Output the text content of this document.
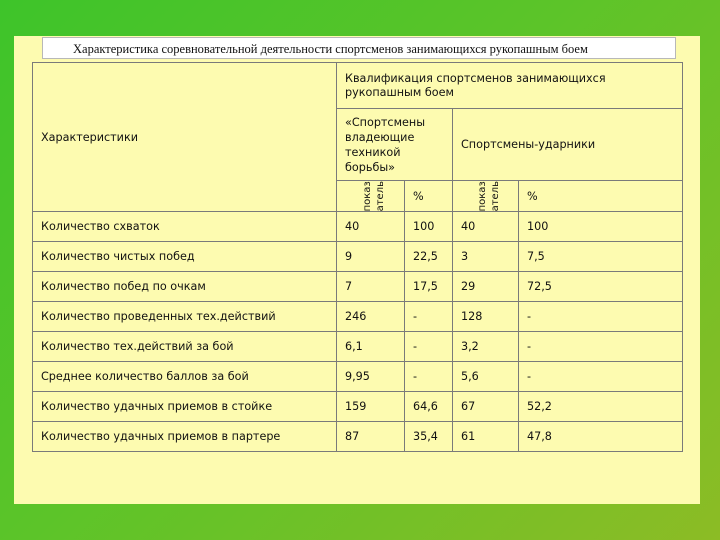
Характеристика соревновательной деятельности спортсменов занимающихся рукопашным боем
Характеристики	Квалификация спортсменов занимающихся рукопашным боем			
	«Спортсмены владеющие техникой борьбы»		Спортсмены-ударники	

	показ атель	%	показ атель	%
Количество схваток	40	100	40	100
Количество чистых побед	9	22,5	3	7,5
Количество побед по очкам	7	17,5	29	72,5
Количество проведенных тех.действий	246	-	128	-
Количество тех.действий за бой	6,1	-	3,2	-
Среднее количество баллов за бой	9,95	-	5,6	-
Количество удачных приемов в стойке	159	64,6	67	52,2
Количество удачных приемов в партере	87	35,4	61	47,8
